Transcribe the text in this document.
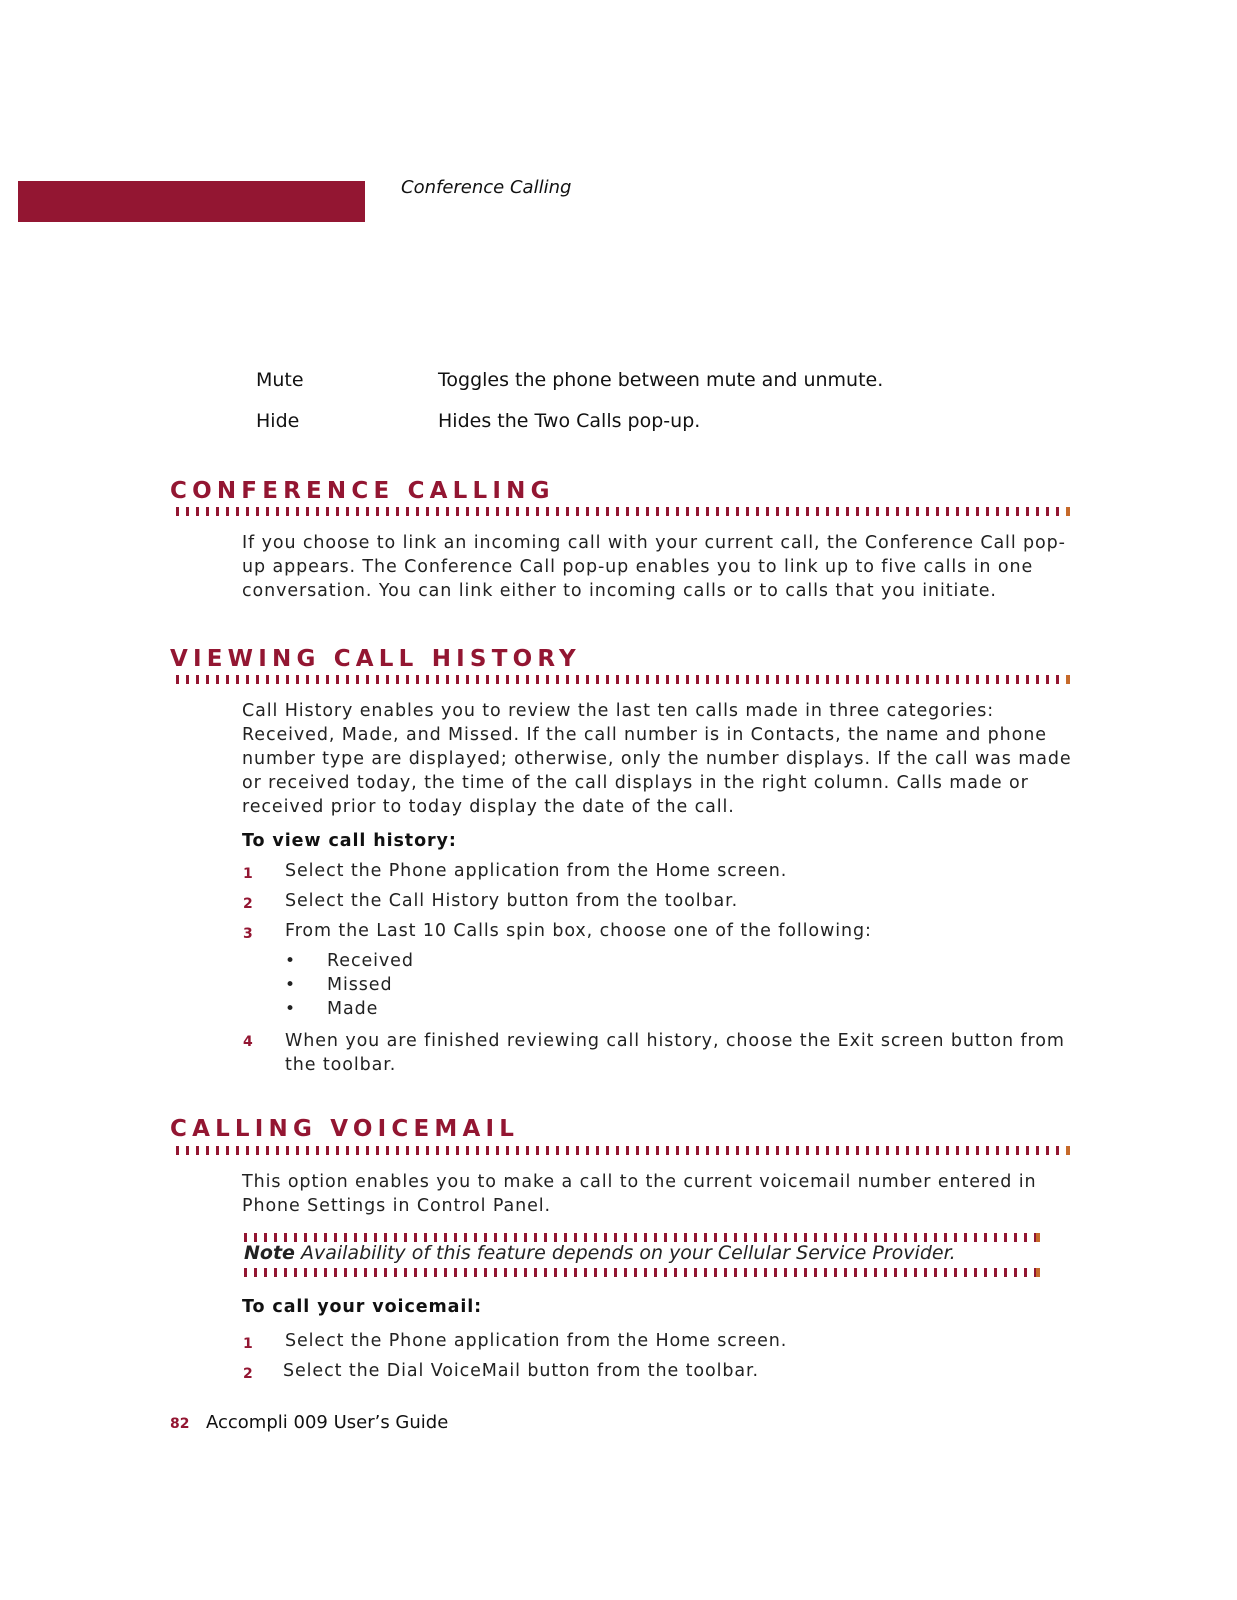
Conference Calling
Mute	Toggles the phone between mute and unmute.
Hide	Hides the Two Calls pop-up.
CONFERENCE CALLING

If you choose to link an incoming call with your current call, the Conference Call pop-up appears. The Conference Call pop-up enables you to link up to five calls in one conversation. You can link either to incoming calls or to calls that you initiate.

VIEWING CALL HISTORY

Call History enables you to review the last ten calls made in three categories: Received, Made, and Missed. If the call number is in Contacts, the name and phone number type are displayed; otherwise, only the number displays. If the call was made or received today, the time of the call displays in the right column. Calls made or received prior to today display the date of the call.

To view call history:
1 Select the Phone application from the Home screen.
2 Select the Call History button from the toolbar.
3 From the Last 10 Calls spin box, choose one of the following:
• Received
• Missed
• Made
4 When you are finished reviewing call history, choose the Exit screen button from the toolbar.
CALLING VOICEMAIL

This option enables you to make a call to the current voicemail number entered in Phone Settings in Control Panel.

Note Availability of this feature depends on your Cellular Service Provider.
To call your voicemail:
1 Select the Phone application from the Home screen.
2 Select the Dial VoiceMail button from the toolbar.
82 Accompli 009 User’s Guide
